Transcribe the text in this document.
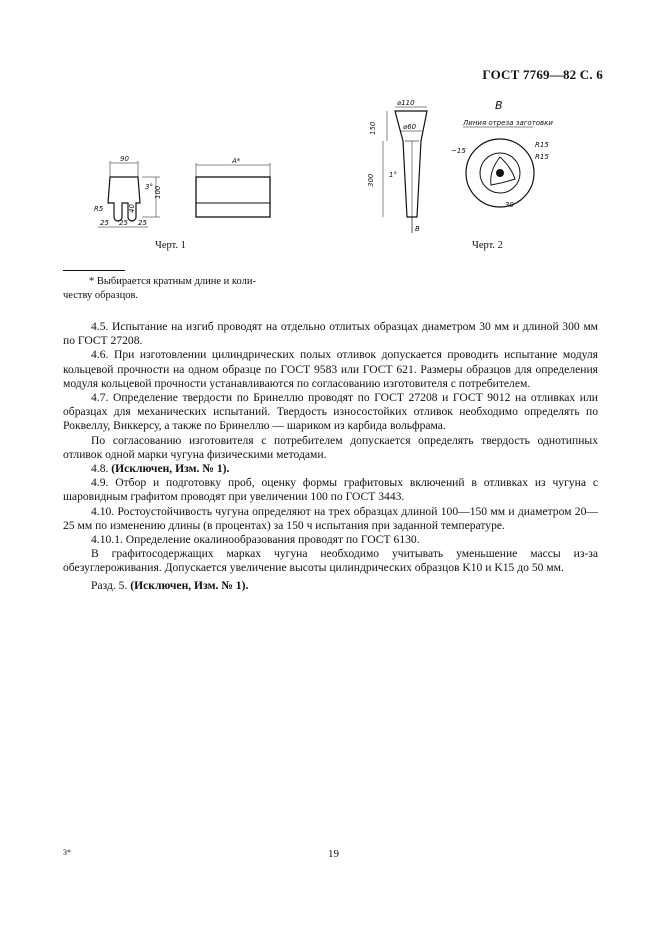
ГОСТ 7769—82 С. 6
90
3° 100
40
R5
25 25 25
A*
Черт. 1
⌀110
⌀60
150
300 1°
B
B
Линия отреза заготовки
~15
R15
R15
30
Черт. 2
* Выбирается кратным длине и коли-
честву образцов.

4.5. Испытание на изгиб проводят на отдельно отлитых образцах диаметром 30 мм и длиной 300 мм по ГОСТ 27208.

4.6. При изготовлении цилиндрических полых отливок допускается проводить испытание модуля кольцевой прочности на одном образце по ГОСТ 9583 или ГОСТ 621. Размеры образцов для определения модуля кольцевой прочности устанавливаются по согласованию изготовителя с потребителем.

4.7. Определение твердости по Бринеллю проводят по ГОСТ 27208 и ГОСТ 9012 на отливках или образцах для механических испытаний. Твердость износостойких отливок необходимо определять по Роквеллу, Виккерсу, а также по Бринеллю — шариком из карбида вольфрама.

По согласованию изготовителя с потребителем допускается определять твердость однотипных отливок одной марки чугуна физическими методами.

4.8. (Исключен, Изм. № 1).

4.9. Отбор и подготовку проб, оценку формы графитовых включений в отливках из чугуна с шаровидным графитом проводят при увеличении 100 по ГОСТ 3443.

4.10. Ростоустойчивость чугуна определяют на трех образцах длиной 100—150 мм и диаметром 20—25 мм по изменению длины (в процентах) за 150 ч испытания при заданной температуре.

4.10.1. Определение окалинообразования проводят по ГОСТ 6130.

В графитосодержащих марках чугуна необходимо учитывать уменьшение массы из-за обезуглероживания. Допускается увеличение высоты цилиндрических образцов K10 и K15 до 50 мм.

Разд. 5. (Исключен, Изм. № 1).

3*	19
